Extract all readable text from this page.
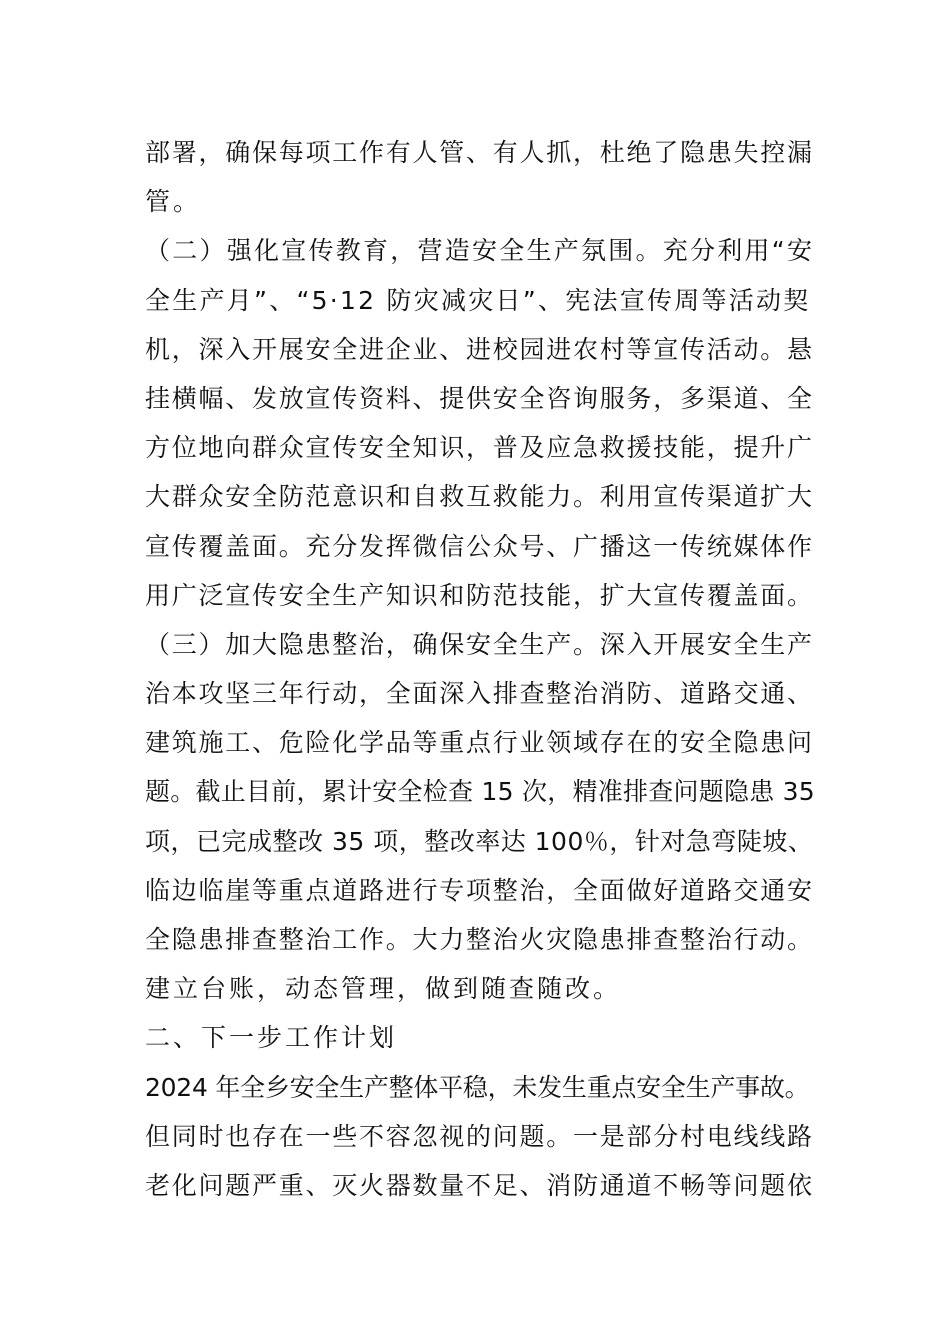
部署，确保每项工作有人管、有人抓，杜绝了隐患失控漏
管。
（二）强化宣传教育，营造安全生产氛围。充分利用“安
全生产月”、“5·12 防灾减灾日”、宪法宣传周等活动契
机，深入开展安全进企业、进校园进农村等宣传活动。悬
挂横幅、发放宣传资料、提供安全咨询服务，多渠道、全
方位地向群众宣传安全知识，普及应急救援技能，提升广
大群众安全防范意识和自救互救能力。利用宣传渠道扩大
宣传覆盖面。充分发挥微信公众号、广播这一传统媒体作
用广泛宣传安全生产知识和防范技能，扩大宣传覆盖面。
（三）加大隐患整治，确保安全生产。深入开展安全生产
治本攻坚三年行动，全面深入排查整治消防、道路交通、
建筑施工、危险化学品等重点行业领域存在的安全隐患问
题。截止目前，累计安全检查 15 次，精准排查问题隐患 35
项，已完成整改 35 项，整改率达 100％，针对急弯陡坡、
临边临崖等重点道路进行专项整治，全面做好道路交通安
全隐患排查整治工作。大力整治火灾隐患排查整治行动。
建立台账，动态管理，做到随查随改。
二、下一步工作计划
2024 年全乡安全生产整体平稳，未发生重点安全生产事故。
但同时也存在一些不容忽视的问题。一是部分村电线线路
老化问题严重、灭火器数量不足、消防通道不畅等问题依
